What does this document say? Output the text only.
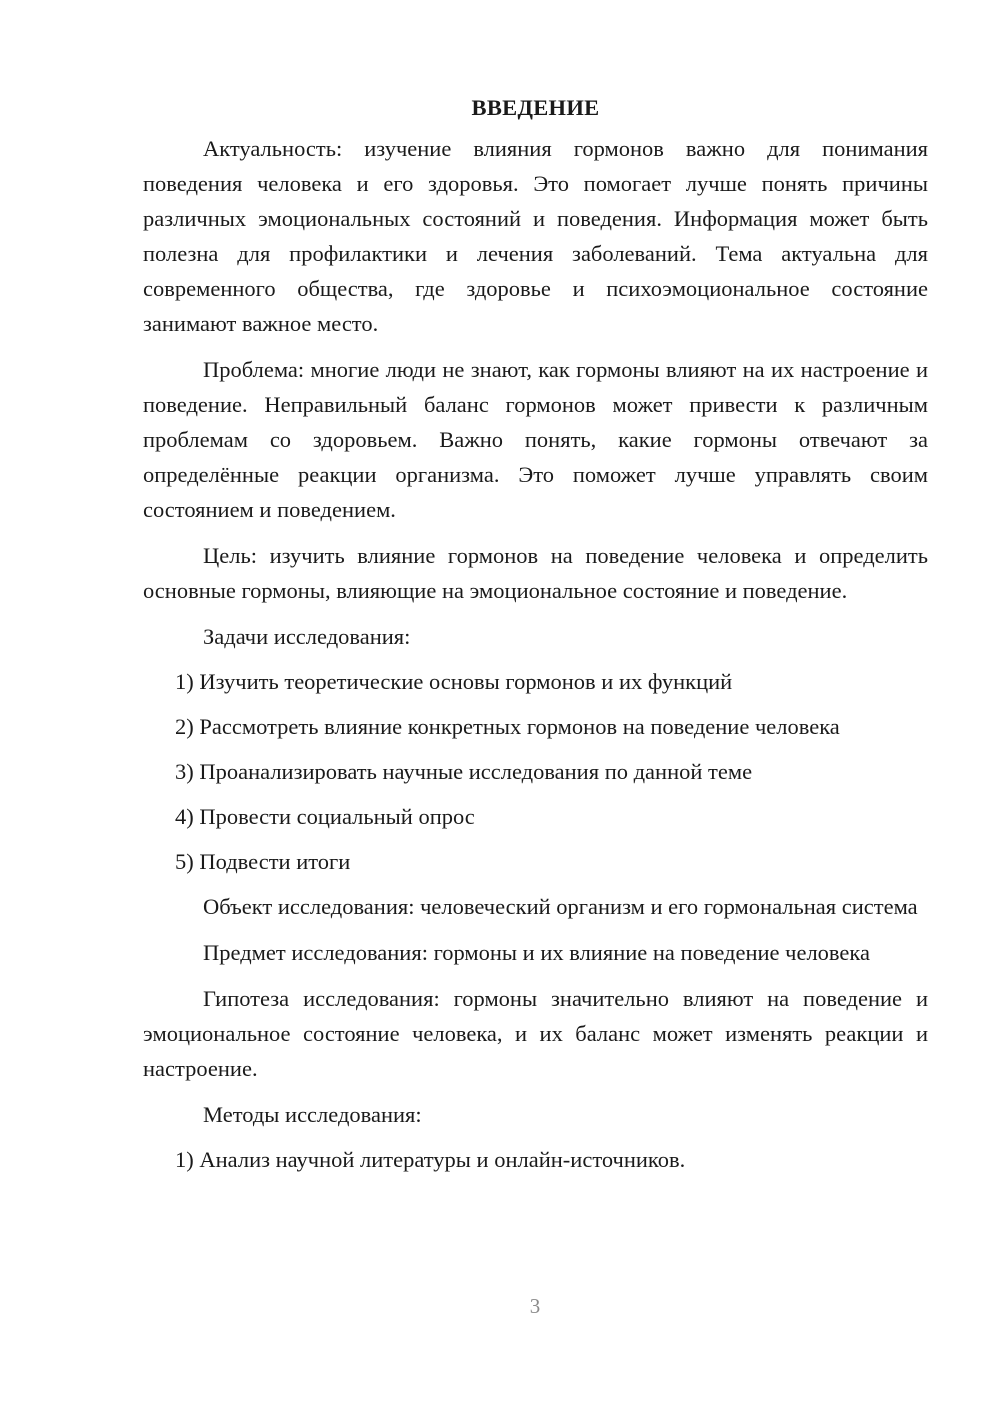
ВВЕДЕНИЕ

Актуальность: изучение влияния гормонов важно для понимания поведения человека и его здоровья. Это помогает лучше понять причины различных эмоциональных состояний и поведения. Информация может быть полезна для профилактики и лечения заболеваний. Тема актуальна для современного общества, где здоровье и психоэмоциональное состояние занимают важное место.

Проблема: многие люди не знают, как гормоны влияют на их настроение и поведение. Неправильный баланс гормонов может привести к различным проблемам со здоровьем. Важно понять, какие гормоны отвечают за определённые реакции организма. Это поможет лучше управлять своим состоянием и поведением.

Цель: изучить влияние гормонов на поведение человека и определить основные гормоны, влияющие на эмоциональное состояние и поведение.

Задачи исследования:

1) Изучить теоретические основы гормонов и их функций
2) Рассмотреть влияние конкретных гормонов на поведение человека
3) Проанализировать научные исследования по данной теме
4) Провести социальный опрос
5) Подвести итоги

Объект исследования: человеческий организм и его гормональная система

Предмет исследования: гормоны и их влияние на поведение человека

Гипотеза исследования: гормоны значительно влияют на поведение и эмоциональное состояние человека, и их баланс может изменять реакции и настроение.

Методы исследования:

1) Анализ научной литературы и онлайн-источников.
3
